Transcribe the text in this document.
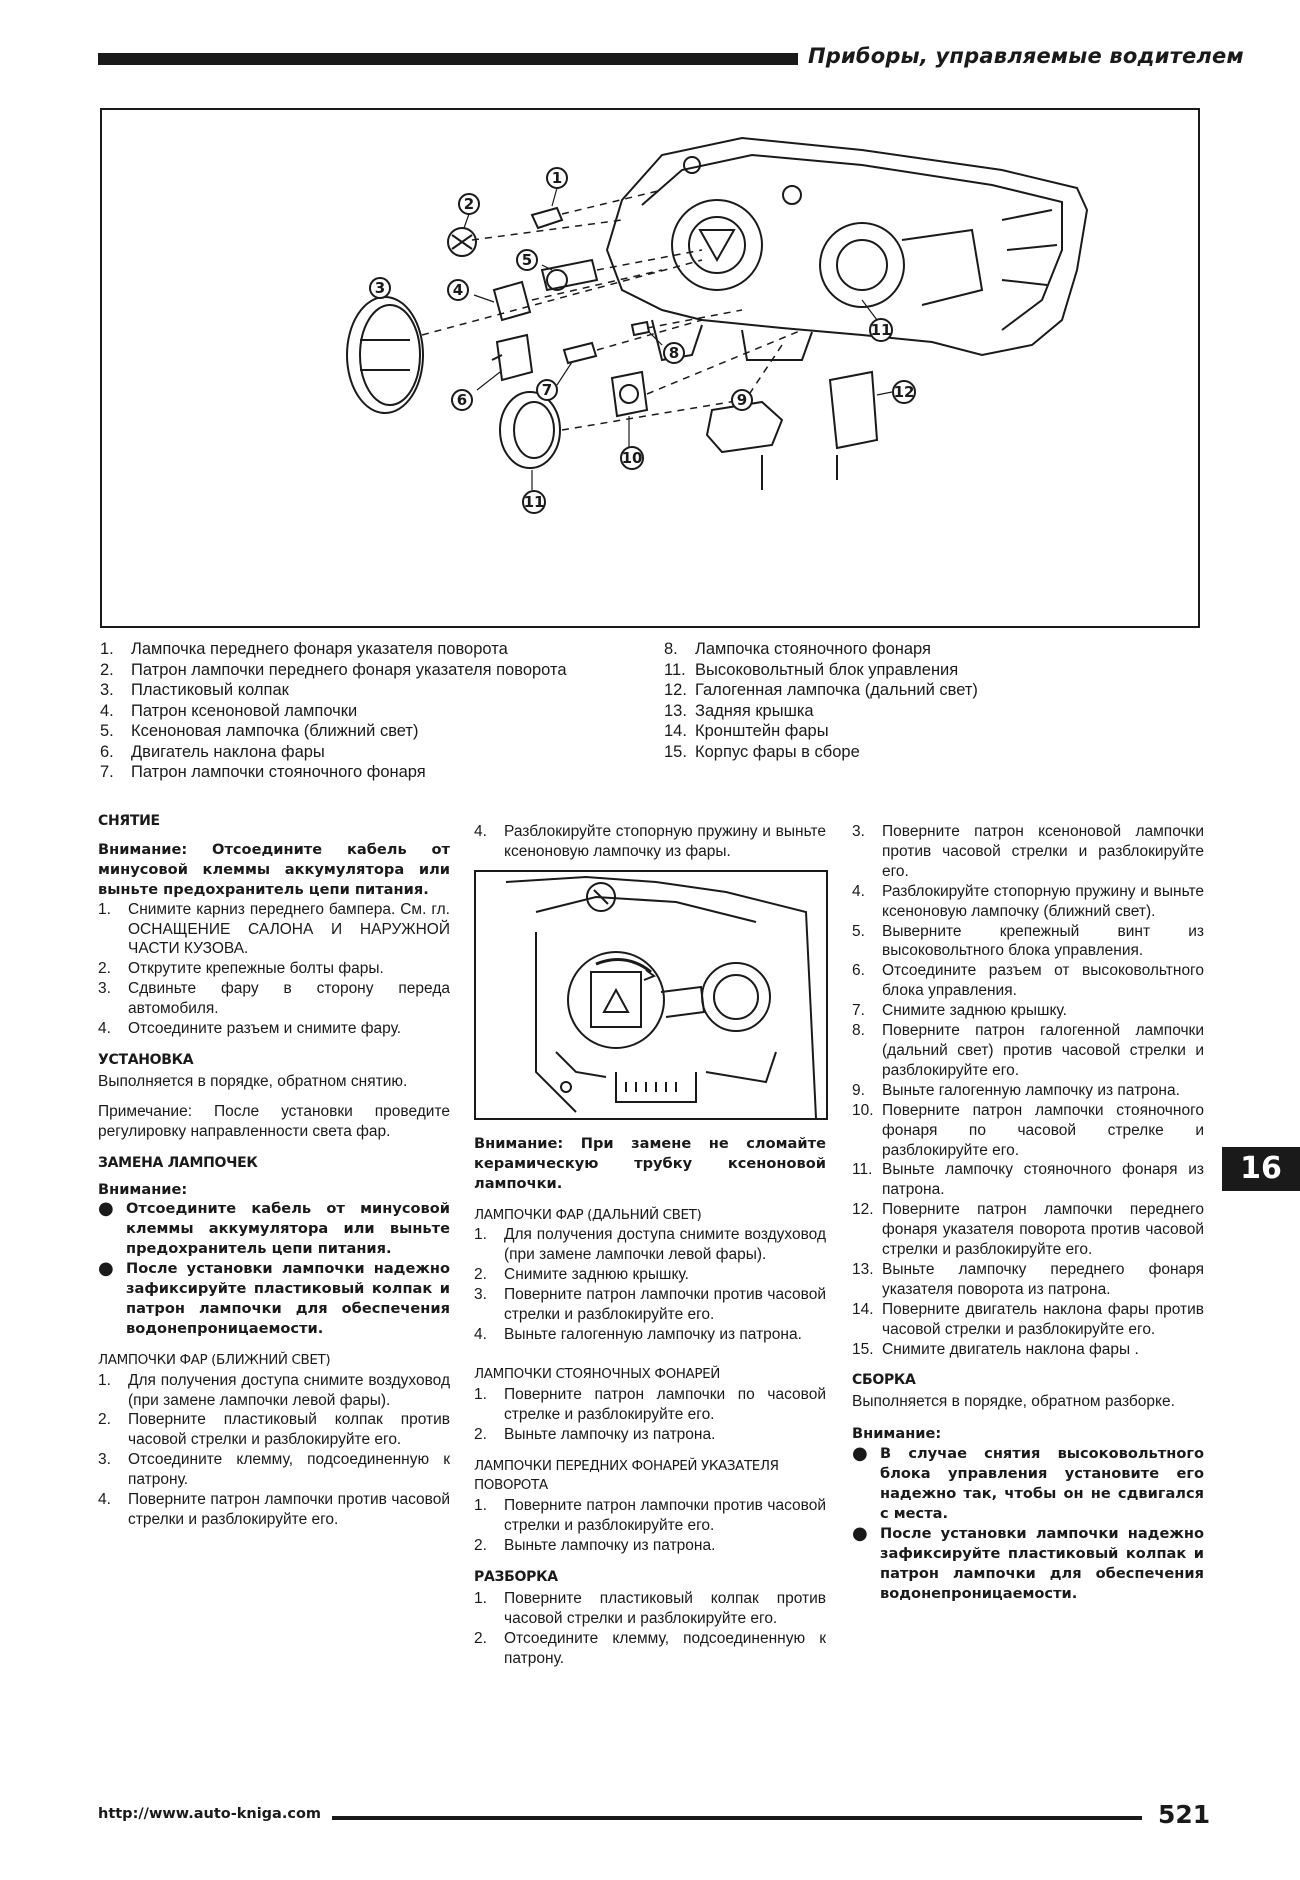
Приборы, управляемые водителем
1
2
3	4
5
6
7
8
9
10
11
11
12
1.	Лампочка переднего фонаря указателя поворота
2.	Патрон лампочки переднего фонаря указателя поворота
3.	Пластиковый колпак
4.	Патрон ксеноновой лампочки
5.	Ксеноновая лампочка (ближний свет)
6.	Двигатель наклона фары
7.	Патрон лампочки стояночного фонаря
8.	Лампочка стояночного фонаря
11. Высоковольтный блок управления
12. Галогенная лампочка (дальний свет)
13. Задняя крышка
14. Кронштейн фары
15. Корпус фары в сборе

СНЯТИЕ

Внимание: Отсоедините кабель от минусовой клеммы аккумулятора или выньте предохранитель цепи питания.

1.	Снимите карниз переднего бампера. См. гл. ОСНАЩЕНИЕ САЛОНА И НАРУЖНОЙ ЧАСТИ КУЗОВА.
2.	Открутите крепежные болты фары.
3.	Сдвиньте фару в сторону переда автомобиля.
4.	Отсоедините разъем и снимите фару.

УСТАНОВКА

Выполняется в порядке, обратном снятию.

Примечание: После установки проведите регулировку направленности света фар.

ЗАМЕНА ЛАМПОЧЕК

Внимание:

● Отсоедините кабель от минусовой клеммы аккумулятора или выньте предохранитель цепи питания.
● После установки лампочки надежно зафиксируйте пластиковый колпак и патрон лампочки для обеспечения водонепроницаемости.

ЛАМПОЧКИ ФАР (БЛИЖНИЙ СВЕТ)

1.	Для получения доступа снимите воздуховод (при замене лампочки левой фары).
2.	Поверните пластиковый колпак против часовой стрелки и разблокируйте его.
3.	Отсоедините клемму, подсоединенную к патрону.
4.	Поверните патрон лампочки против часовой стрелки и разблокируйте его.
4.	Разблокируйте стопорную пружину и выньте ксеноновую лампочку из фары.

Внимание: При замене не сломайте керамическую трубку ксеноновой лампочки.

ЛАМПОЧКИ ФАР (ДАЛЬНИЙ СВЕТ)

1.	Для получения доступа снимите воздуховод (при замене лампочки левой фары).
2.	Снимите заднюю крышку.
3.	Поверните патрон лампочки против часовой стрелки и разблокируйте его.
4.	Выньте галогенную лампочку из патрона.

ЛАМПОЧКИ СТОЯНОЧНЫХ ФОНАРЕЙ

1.	Поверните патрон лампочки по часовой стрелке и разблокируйте его.
2.	Выньте лампочку из патрона.

ЛАМПОЧКИ ПЕРЕДНИХ ФОНАРЕЙ УКАЗАТЕЛЯ ПОВОРОТА

1.	Поверните патрон лампочки против часовой стрелки и разблокируйте его.
2.	Выньте лампочку из патрона.

РАЗБОРКА

1.	Поверните пластиковый колпак против часовой стрелки и разблокируйте его.
2.	Отсоедините клемму, подсоединенную к патрону.
3.	Поверните патрон ксеноновой лампочки против часовой стрелки и разблокируйте его.
4.	Разблокируйте стопорную пружину и выньте ксеноновую лампочку (ближний свет).
5.	Выверните крепежный винт из высоковольтного блока управления.
6.	Отсоедините разъем от высоковольтного блока управления.
7.	Снимите заднюю крышку.
8.	Поверните патрон галогенной лампочки (дальний свет) против часовой стрелки и разблокируйте его.
9.	Выньте галогенную лампочку из патрона.
10. Поверните патрон лампочки стояночного фонаря по часовой стрелке и разблокируйте его.
11. Выньте лампочку стояночного фонаря из патрона.
12. Поверните патрон лампочки переднего фонаря указателя поворота против часовой стрелки и разблокируйте его.
13. Выньте лампочку переднего фонаря указателя поворота из патрона.
14. Поверните двигатель наклона фары против часовой стрелки и разблокируйте его.
15. Снимите двигатель наклона фары .

СБОРКА

Выполняется в порядке, обратном разборке.

Внимание:

● В случае снятия высоковольтного блока управления установите его надежно так, чтобы он не сдвигался с места.
● После установки лампочки надежно зафиксируйте пластиковый колпак и патрон лампочки для обеспечения водонепроницаемости.
16
http://www.auto-kniga.com	521
